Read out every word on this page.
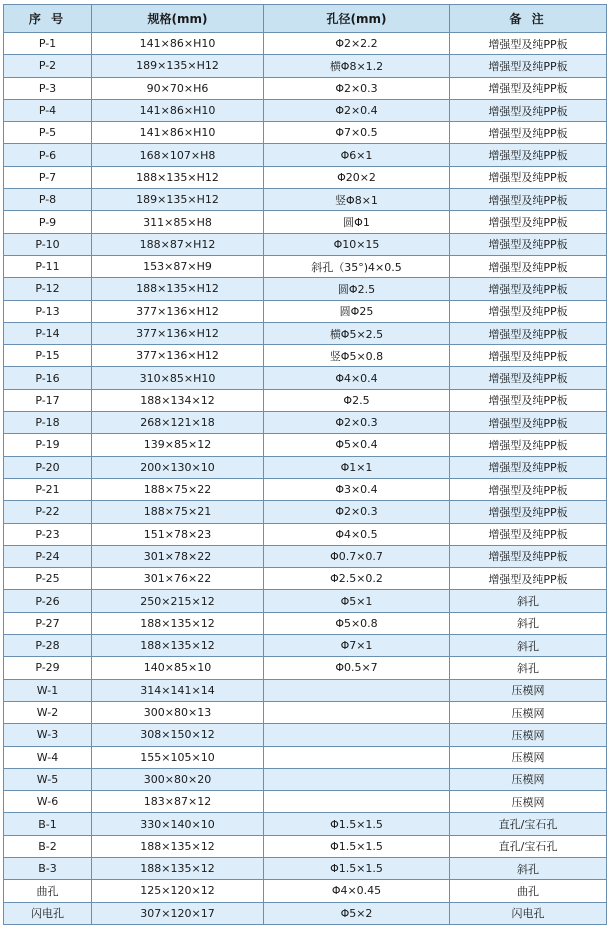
序 号	规格(mm)	孔径(mm)	备 注
P-1	141×86×H10	Φ2×2.2	增强型及纯PP板
P-2	189×135×H12	横Φ8×1.2	增强型及纯PP板
P-3	90×70×H6	Φ2×0.3	增强型及纯PP板
P-4	141×86×H10	Φ2×0.4	增强型及纯PP板
P-5	141×86×H10	Φ7×0.5	增强型及纯PP板
P-6	168×107×H8	Φ6×1	增强型及纯PP板
P-7	188×135×H12	Φ20×2	增强型及纯PP板
P-8	189×135×H12	竖Φ8×1	增强型及纯PP板
P-9	311×85×H8	圆Φ1	增强型及纯PP板
P-10	188×87×H12	Φ10×15	增强型及纯PP板
P-11	153×87×H9	斜孔（35°)4×0.5	增强型及纯PP板
P-12	188×135×H12	圆Φ2.5	增强型及纯PP板
P-13	377×136×H12	圆Φ25	增强型及纯PP板
P-14	377×136×H12	横Φ5×2.5	增强型及纯PP板
P-15	377×136×H12	竖Φ5×0.8	增强型及纯PP板
P-16	310×85×H10	Φ4×0.4	增强型及纯PP板
P-17	188×134×12	Φ2.5	增强型及纯PP板
P-18	268×121×18	Φ2×0.3	增强型及纯PP板
P-19	139×85×12	Φ5×0.4	增强型及纯PP板
P-20	200×130×10	Φ1×1	增强型及纯PP板
P-21	188×75×22	Φ3×0.4	增强型及纯PP板
P-22	188×75×21	Φ2×0.3	增强型及纯PP板
P-23	151×78×23	Φ4×0.5	增强型及纯PP板
P-24	301×78×22	Φ0.7×0.7	增强型及纯PP板
P-25	301×76×22	Φ2.5×0.2	增强型及纯PP板
P-26	250×215×12	Φ5×1	斜孔
P-27	188×135×12	Φ5×0.8	斜孔
P-28	188×135×12	Φ7×1	斜孔
P-29	140×85×10	Φ0.5×7	斜孔
W-1	314×141×14		压模网
W-2	300×80×13		压模网
W-3	308×150×12		压模网
W-4	155×105×10		压模网
W-5	300×80×20		压模网
W-6	183×87×12		压模网
B-1	330×140×10	Φ1.5×1.5	直孔/宝石孔
B-2	188×135×12	Φ1.5×1.5	直孔/宝石孔
B-3	188×135×12	Φ1.5×1.5	斜孔
曲孔	125×120×12	Φ4×0.45	曲孔
闪电孔	307×120×17	Φ5×2	闪电孔
